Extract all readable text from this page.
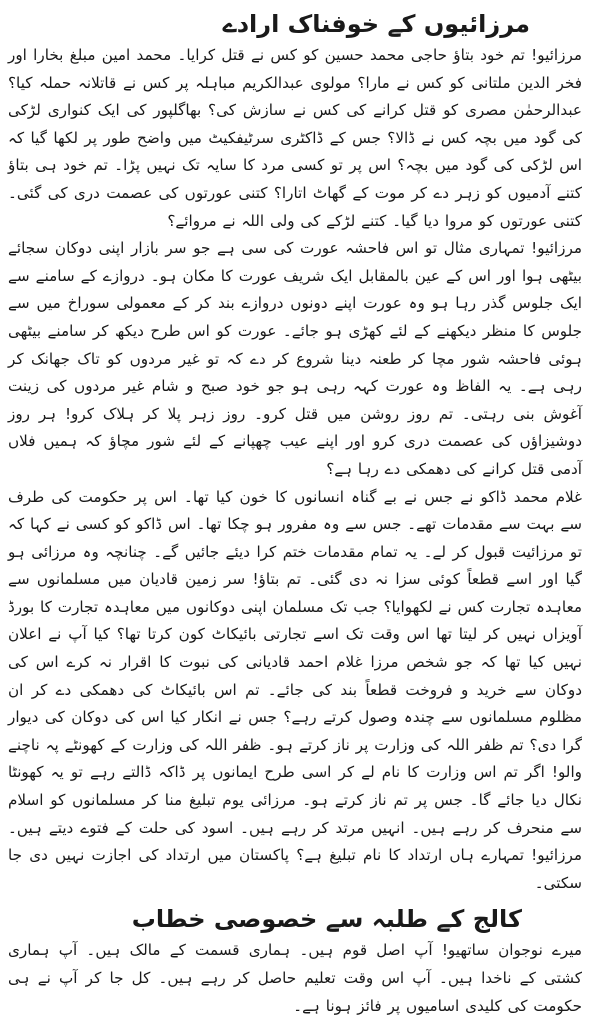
مرزائیوں کے خوفناک ارادے

مرزائیو! تم خود بتاؤ حاجی محمد حسین کو کس نے قتل کرایا۔ محمد امین مبلغ بخارا اور فخر الدین ملتانی کو کس نے مارا؟ مولوی عبدالکریم مباہلہ پر کس نے قاتلانہ حملہ کیا؟ عبدالرحمٰن مصری کو قتل کرانے کی کس نے سازش کی؟ بھاگلپور کی ایک کنواری لڑکی کی گود میں بچہ کس نے ڈالا؟ جس کے ڈاکٹری سرٹیفکیٹ میں واضح طور پر لکھا گیا کہ اس لڑکی کی گود میں بچہ؟ اس پر تو کسی مرد کا سایہ تک نہیں پڑا۔ تم خود ہی بتاؤ کتنے آدمیوں کو زہر دے کر موت کے گھاٹ اتارا؟ کتنی عورتوں کی عصمت دری کی گئی۔ کتنی عورتوں کو مروا دیا گیا۔ کتنے لڑکے کی ولی اللہ نے مروائے؟

مرزائیو! تمہاری مثال تو اس فاحشہ عورت کی سی ہے جو سر بازار اپنی دوکان سجائے بیٹھی ہوا اور اس کے عین بالمقابل ایک شریف عورت کا مکان ہو۔ دروازے کے سامنے سے ایک جلوس گذر رہا ہو وہ عورت اپنے دونوں دروازے بند کر کے معمولی سوراخ میں سے جلوس کا منظر دیکھنے کے لئے کھڑی ہو جائے۔ عورت کو اس طرح دیکھ کر سامنے بیٹھی ہوئی فاحشہ شور مچا کر طعنہ دینا شروع کر دے کہ تو غیر مردوں کو تاک جھانک کر رہی ہے۔ یہ الفاظ وہ عورت کہہ رہی ہو جو خود صبح و شام غیر مردوں کی زینت آغوش بنی رہتی۔ تم روز روشن میں قتل کرو۔ روز زہر پلا کر ہلاک کرو! ہر روز دوشیزاؤں کی عصمت دری کرو اور اپنے عیب چھپانے کے لئے شور مچاؤ کہ ہمیں فلاں آدمی قتل کرانے کی دھمکی دے رہا ہے؟

غلام محمد ڈاکو نے جس نے بے گناہ انسانوں کا خون کیا تھا۔ اس پر حکومت کی طرف سے بہت سے مقدمات تھے۔ جس سے وہ مفرور ہو چکا تھا۔ اس ڈاکو کو کسی نے کہا کہ تو مرزائیت قبول کر لے۔ یہ تمام مقدمات ختم کرا دیئے جائیں گے۔ چنانچہ وہ مرزائی ہو گیا اور اسے قطعاً کوئی سزا نہ دی گئی۔ تم بتاؤ! سر زمین قادیان میں مسلمانوں سے معاہدہ تجارت کس نے لکھوایا؟ جب تک مسلمان اپنی دوکانوں میں معاہدہ تجارت کا بورڈ آویزاں نہیں کر لیتا تھا اس وقت تک اسے تجارتی بائیکاٹ کون کرتا تھا؟ کیا آپ نے اعلان نہیں کیا تھا کہ جو شخص مرزا غلام احمد قادیانی کی نبوت کا اقرار نہ کرے اس کی دوکان سے خرید و فروخت قطعاً بند کی جائے۔ تم اس بائیکاٹ کی دھمکی دے کر ان مظلوم مسلمانوں سے چندہ وصول کرتے رہے؟ جس نے انکار کیا اس کی دوکان کی دیوار گرا دی؟ تم ظفر اللہ کی وزارت پر ناز کرتے ہو۔ ظفر اللہ کی وزارت کے کھونٹے پہ ناچنے والو! اگر تم اس وزارت کا نام لے کر اسی طرح ایمانوں پر ڈاکہ ڈالتے رہے تو یہ کھونٹا نکال دیا جائے گا۔ جس پر تم ناز کرتے ہو۔ مرزائی یوم تبلیغ منا کر مسلمانوں کو اسلام سے منحرف کر رہے ہیں۔ انہیں مرتد کر رہے ہیں۔ اسود کی حلت کے فتوے دیتے ہیں۔ مرزائیو! تمہارے ہاں ارتداد کا نام تبلیغ ہے؟ پاکستان میں ارتداد کی اجازت نہیں دی جا سکتی۔

کالج کے طلبہ سے خصوصی خطاب

میرے نوجوان ساتھیو! آپ اصل قوم ہیں۔ ہماری قسمت کے مالک ہیں۔ آپ ہماری کشتی کے ناخدا ہیں۔ آپ اس وقت تعلیم حاصل کر رہے ہیں۔ کل جا کر آپ نے ہی حکومت کی کلیدی اسامیوں پر فائز ہونا ہے۔
